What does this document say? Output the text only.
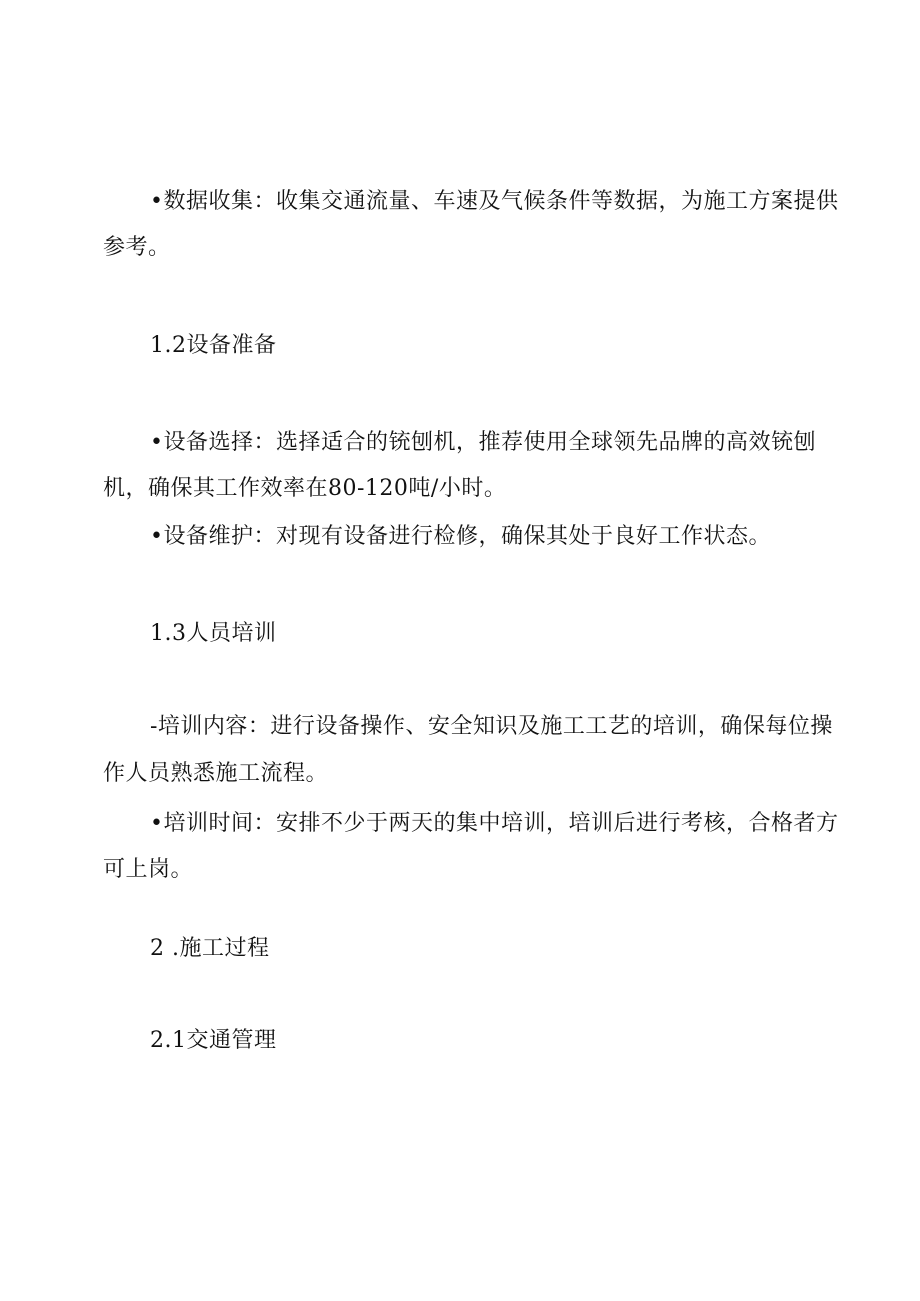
•数据收集：收集交通流量、车速及气候条件等数据，为施工方案提供

参考。

1.2设备准备

•设备选择：选择适合的铳刨机，推荐使用全球领先品牌的高效铳刨

机，确保其工作效率在80-120吨/小时。

•设备维护：对现有设备进行检修，确保其处于良好工作状态。

1.3人员培训

-培训内容：进行设备操作、安全知识及施工工艺的培训，确保每位操

作人员熟悉施工流程。

•培训时间：安排不少于两天的集中培训，培训后进行考核，合格者方

可上岗。

2 .施工过程

2.1交通管理
